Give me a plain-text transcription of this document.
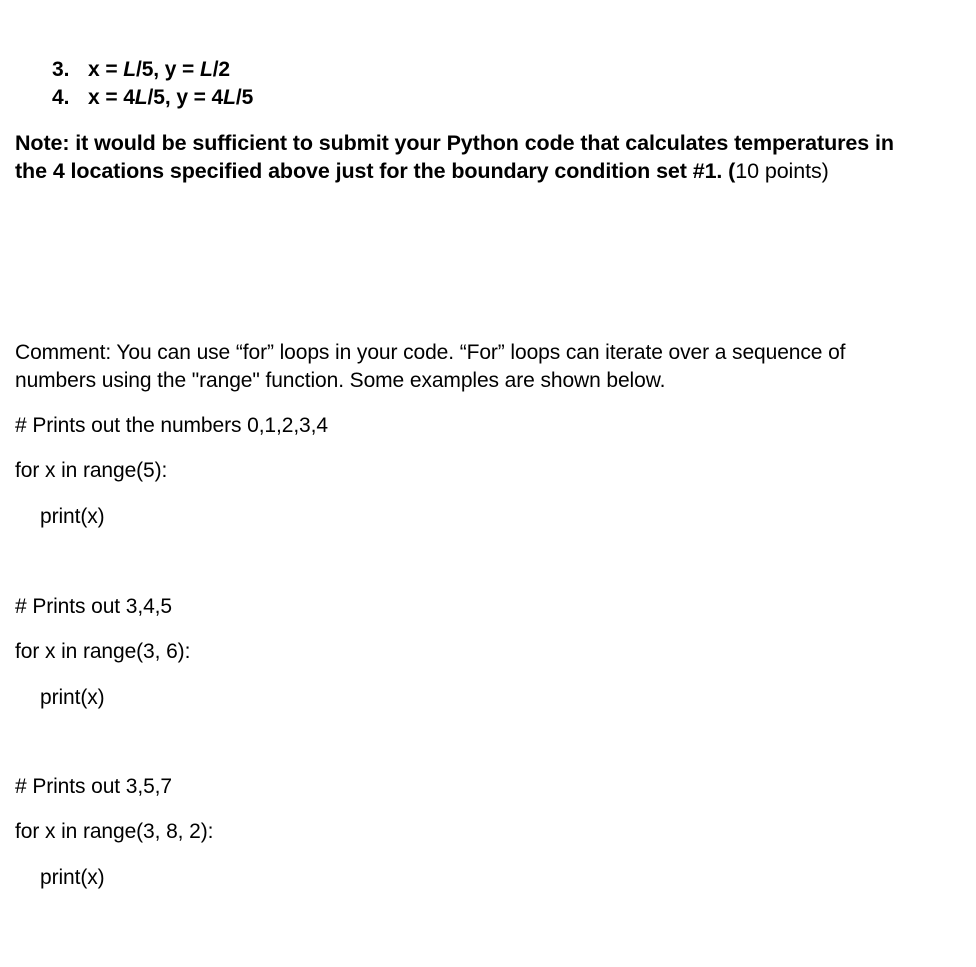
3. x = L/5, y = L/2
4. x = 4L/5, y = 4L/5
Note: it would be sufficient to submit your Python code that calculates temperatures in
the 4 locations specified above just for the boundary condition set #1. (10 points)
Comment: You can use “for” loops in your code. “For” loops can iterate over a sequence of
numbers using the "range" function. Some examples are shown below.
# Prints out the numbers 0,1,2,3,4
for x in range(5):
print(x)
# Prints out 3,4,5
for x in range(3, 6):
print(x)
# Prints out 3,5,7
for x in range(3, 8, 2):
print(x)
